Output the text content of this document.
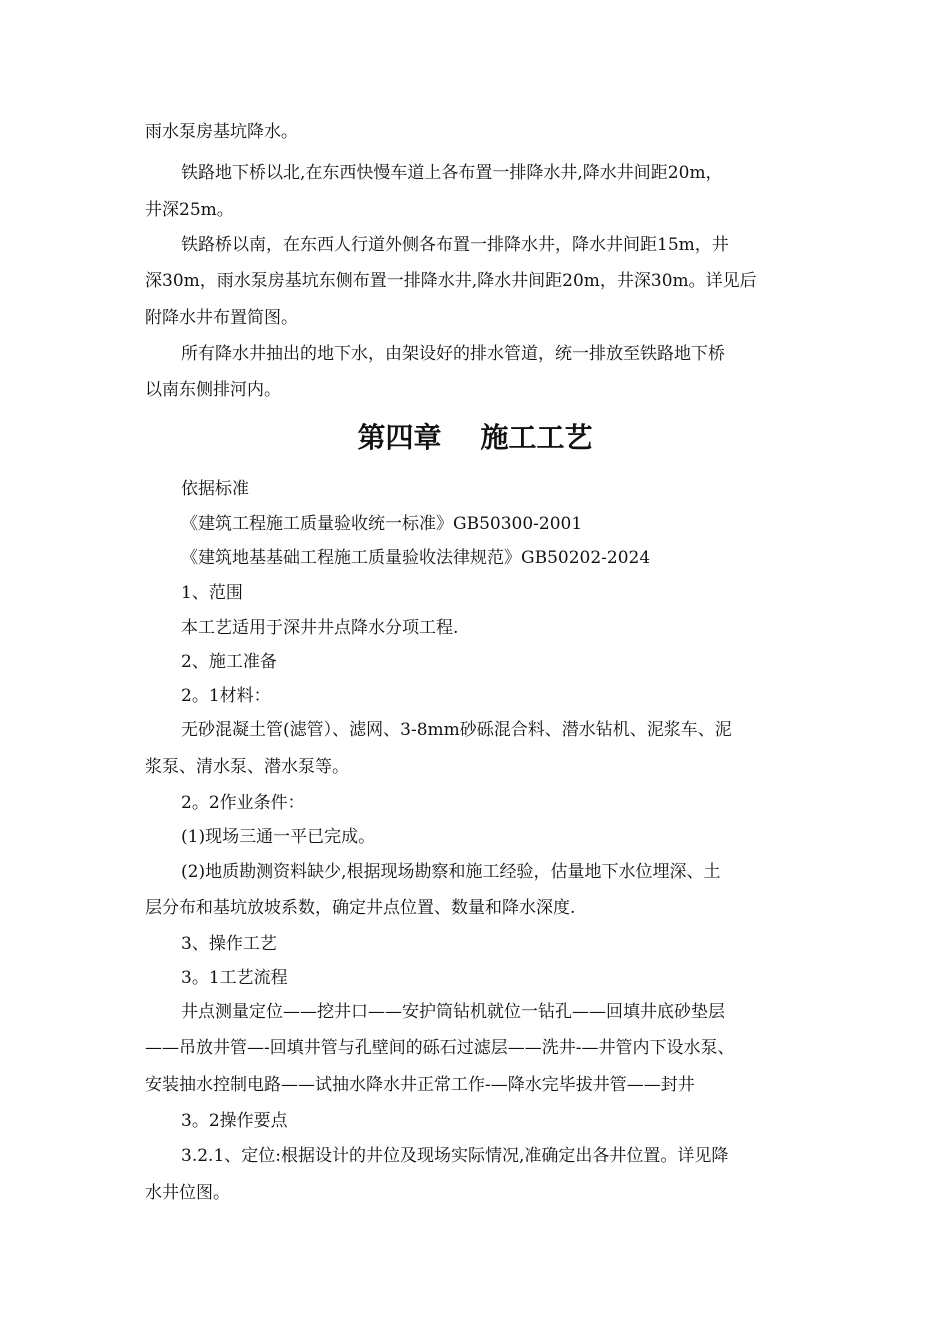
雨水泵房基坑降水。
铁路地下桥以北,在东西快慢车道上各布置一排降水井,降水井间距20m，
井深25m。
铁路桥以南，在东西人行道外侧各布置一排降水井，降水井间距15m，井
深30m，雨水泵房基坑东侧布置一排降水井,降水井间距20m，井深30m。详见后
附降水井布置简图。
所有降水井抽出的地下水，由架设好的排水管道，统一排放至铁路地下桥
以南东侧排河内。
第四章 施工工艺
依据标准
《建筑工程施工质量验收统一标准》GB50300-2001
《建筑地基基础工程施工质量验收法律规范》GB50202-2024
1、范围
本工艺适用于深井井点降水分项工程.
2、施工准备
2。1材料：
无砂混凝土管(滤管）、滤网、3-8mm砂砾混合料、潜水钻机、泥浆车、泥
浆泵、清水泵、潜水泵等。
2。2作业条件：
(1)现场三通一平已完成。
(2)地质勘测资料缺少,根据现场勘察和施工经验，估量地下水位埋深、土
层分布和基坑放坡系数，确定井点位置、数量和降水深度.
3、操作工艺
3。1工艺流程
井点测量定位——挖井口——安护筒钻机就位一钻孔——回填井底砂垫层
——吊放井管—-回填井管与孔壁间的砾石过滤层——洗井-—井管内下设水泵、
安装抽水控制电路——试抽水降水井正常工作-—降水完毕拔井管——封井
3。2操作要点
3.2.1、定位:根据设计的井位及现场实际情况,准确定出各井位置。详见降
水井位图。
